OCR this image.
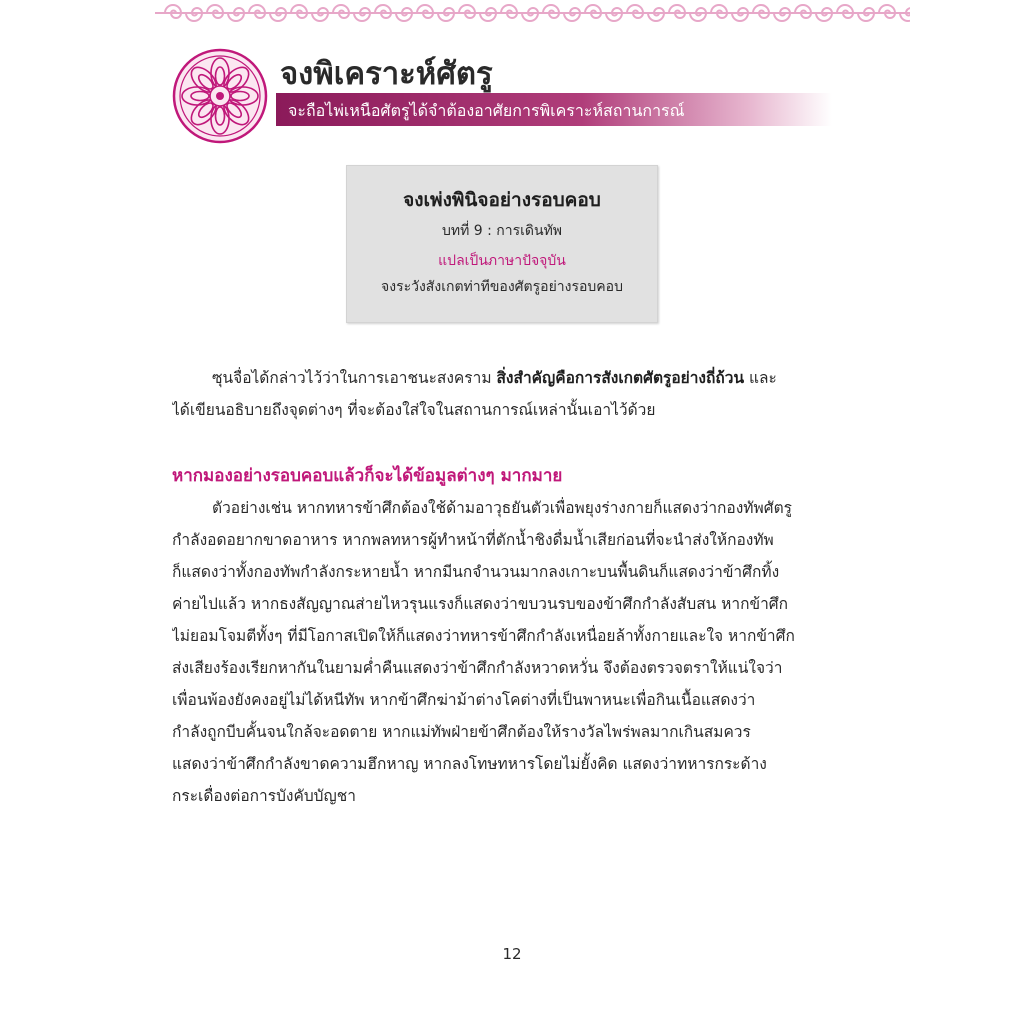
จงพิเคราะห์ศัตรู

จะถือไพ่เหนือศัตรูได้จำต้องอาศัยการพิเคราะห์สถานการณ์

จงเพ่งพินิจอย่างรอบคอบ

บทที่ 9 : การเดินทัพ

แปลเป็นภาษาปัจจุบัน

จงระวังสังเกตท่าทีของศัตรูอย่างรอบคอบ

ซุนจื่อได้กล่าวไว้ว่าในการเอาชนะสงคราม สิ่งสำคัญคือการสังเกตศัตรูอย่างถี่ถ้วน และ
ได้เขียนอธิบายถึงจุดต่างๆ ที่จะต้องใส่ใจในสถานการณ์เหล่านั้นเอาไว้ด้วย
หากมองอย่างรอบคอบแล้วก็จะได้ข้อมูลต่างๆ มากมาย
ตัวอย่างเช่น หากทหารข้าศึกต้องใช้ด้ามอาวุธยันตัวเพื่อพยุงร่างกายก็แสดงว่ากองทัพศัตรู
กำลังอดอยากขาดอาหาร หากพลทหารผู้ทำหน้าที่ตักน้ำชิงดื่มน้ำเสียก่อนที่จะนำส่งให้กองทัพ
ก็แสดงว่าทั้งกองทัพกำลังกระหายน้ำ หากมีนกจำนวนมากลงเกาะบนพื้นดินก็แสดงว่าข้าศึกทิ้ง
ค่ายไปแล้ว หากธงสัญญาณส่ายไหวรุนแรงก็แสดงว่าขบวนรบของข้าศึกกำลังสับสน หากข้าศึก
ไม่ยอมโจมตีทั้งๆ ที่มีโอกาสเปิดให้ก็แสดงว่าทหารข้าศึกกำลังเหนื่อยล้าทั้งกายและใจ หากข้าศึก
ส่งเสียงร้องเรียกหากันในยามค่ำคืนแสดงว่าข้าศึกกำลังหวาดหวั่น จึงต้องตรวจตราให้แน่ใจว่า
เพื่อนพ้องยังคงอยู่ไม่ได้หนีทัพ หากข้าศึกฆ่าม้าต่างโคต่างที่เป็นพาหนะเพื่อกินเนื้อแสดงว่า
กำลังถูกบีบคั้นจนใกล้จะอดตาย หากแม่ทัพฝ่ายข้าศึกต้องให้รางวัลไพร่พลมากเกินสมควร
แสดงว่าข้าศึกกำลังขาดความฮึกหาญ หากลงโทษทหารโดยไม่ยั้งคิด แสดงว่าทหารกระด้าง
กระเดื่องต่อการบังคับบัญชา
12
